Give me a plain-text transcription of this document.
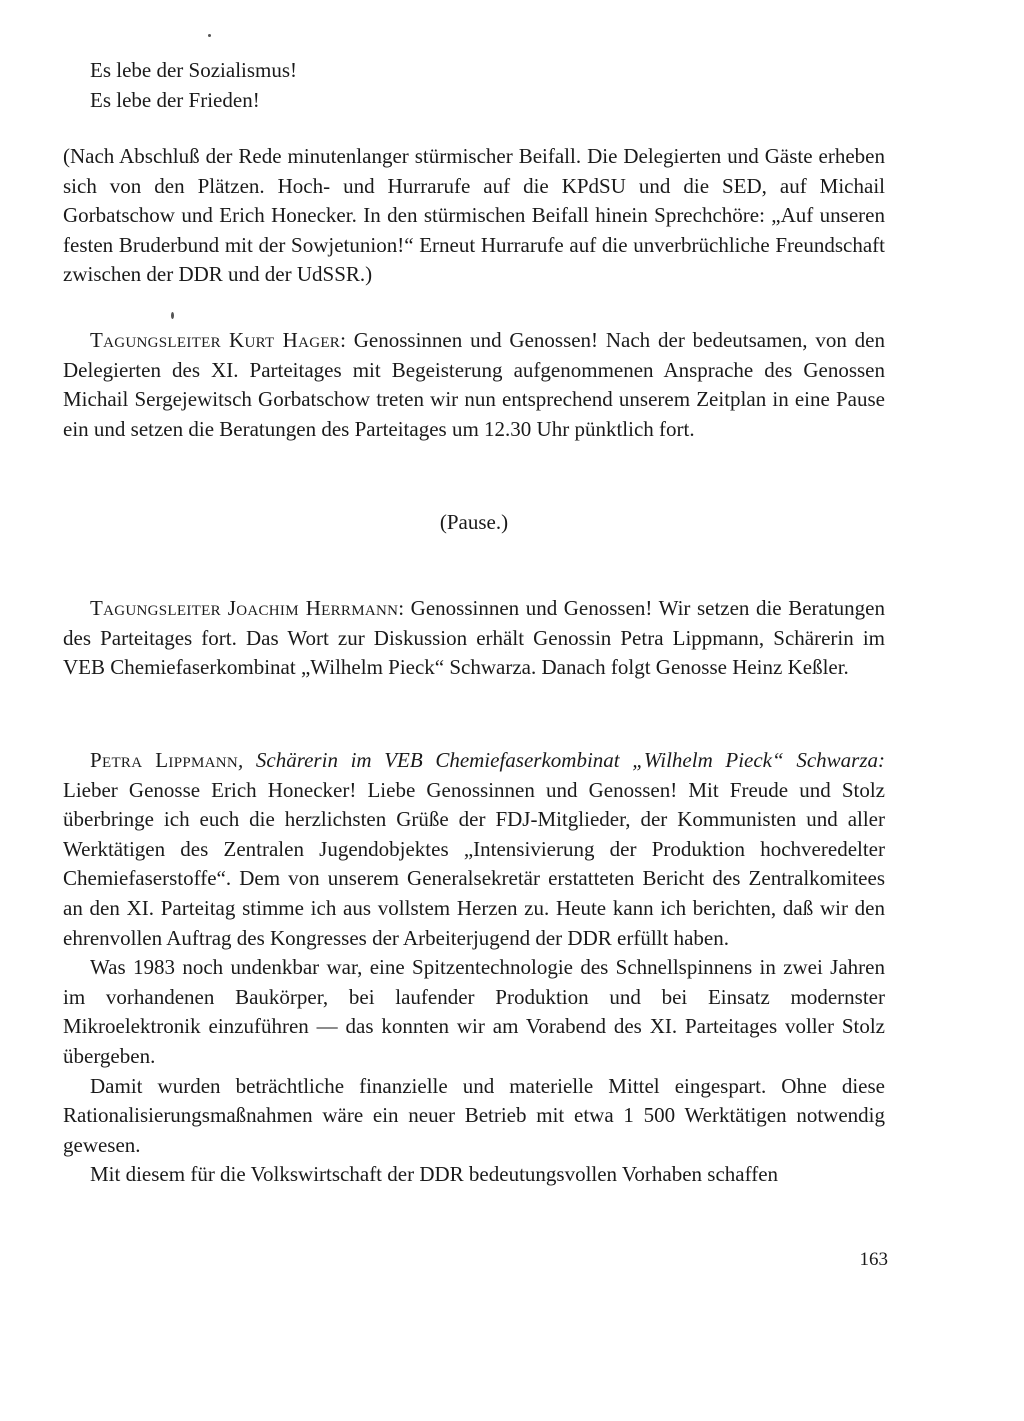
Es lebe der Sozialismus!

Es lebe der Frieden!

(Nach Abschluß der Rede minutenlanger stürmischer Beifall. Die Delegierten und Gäste erheben sich von den Plätzen. Hoch- und Hurrarufe auf die KPdSU und die SED, auf Michail Gorbatschow und Erich Honecker. In den stürmischen Beifall hinein Sprechchöre: „Auf unseren festen Bruderbund mit der Sowjetunion!“ Erneut Hurrarufe auf die unverbrüchliche Freundschaft zwischen der DDR und der UdSSR.)

Tagungsleiter Kurt Hager: Genossinnen und Genossen! Nach der bedeutsamen, von den Delegierten des XI. Parteitages mit Begeisterung aufgenommenen Ansprache des Genossen Michail Sergejewitsch Gorbatschow treten wir nun entsprechend unserem Zeitplan in eine Pause ein und setzen die Beratungen des Parteitages um 12.30 Uhr pünktlich fort.

(Pause.)

Tagungsleiter Joachim Herrmann: Genossinnen und Genossen! Wir setzen die Beratungen des Parteitages fort. Das Wort zur Diskussion erhält Genossin Petra Lippmann, Schärerin im VEB Chemiefaserkombinat „Wilhelm Pieck“ Schwarza. Danach folgt Genosse Heinz Keßler.

Petra Lippmann, Schärerin im VEB Chemiefaserkombinat „Wilhelm Pieck“ Schwarza: Lieber Genosse Erich Honecker! Liebe Genossinnen und Genossen! Mit Freude und Stolz überbringe ich euch die herzlichsten Grüße der FDJ-Mitglieder, der Kommunisten und aller Werktätigen des Zentralen Jugendobjektes „Intensivierung der Produktion hochveredelter Chemiefaserstoffe“. Dem von unserem Generalsekretär erstatteten Bericht des Zentralkomitees an den XI. Parteitag stimme ich aus vollstem Herzen zu. Heute kann ich berichten, daß wir den ehrenvollen Auftrag des Kongresses der Arbeiterjugend der DDR erfüllt haben.

Was 1983 noch undenkbar war, eine Spitzentechnologie des Schnellspinnens in zwei Jahren im vorhandenen Baukörper, bei laufender Produktion und bei Einsatz modernster Mikroelektronik einzuführen — das konnten wir am Vorabend des XI. Parteitages voller Stolz übergeben.

Damit wurden beträchtliche finanzielle und materielle Mittel eingespart. Ohne diese Rationalisierungsmaßnahmen wäre ein neuer Betrieb mit etwa 1 500 Werktätigen notwendig gewesen.

Mit diesem für die Volkswirtschaft der DDR bedeutungsvollen Vorhaben schaffen

163
